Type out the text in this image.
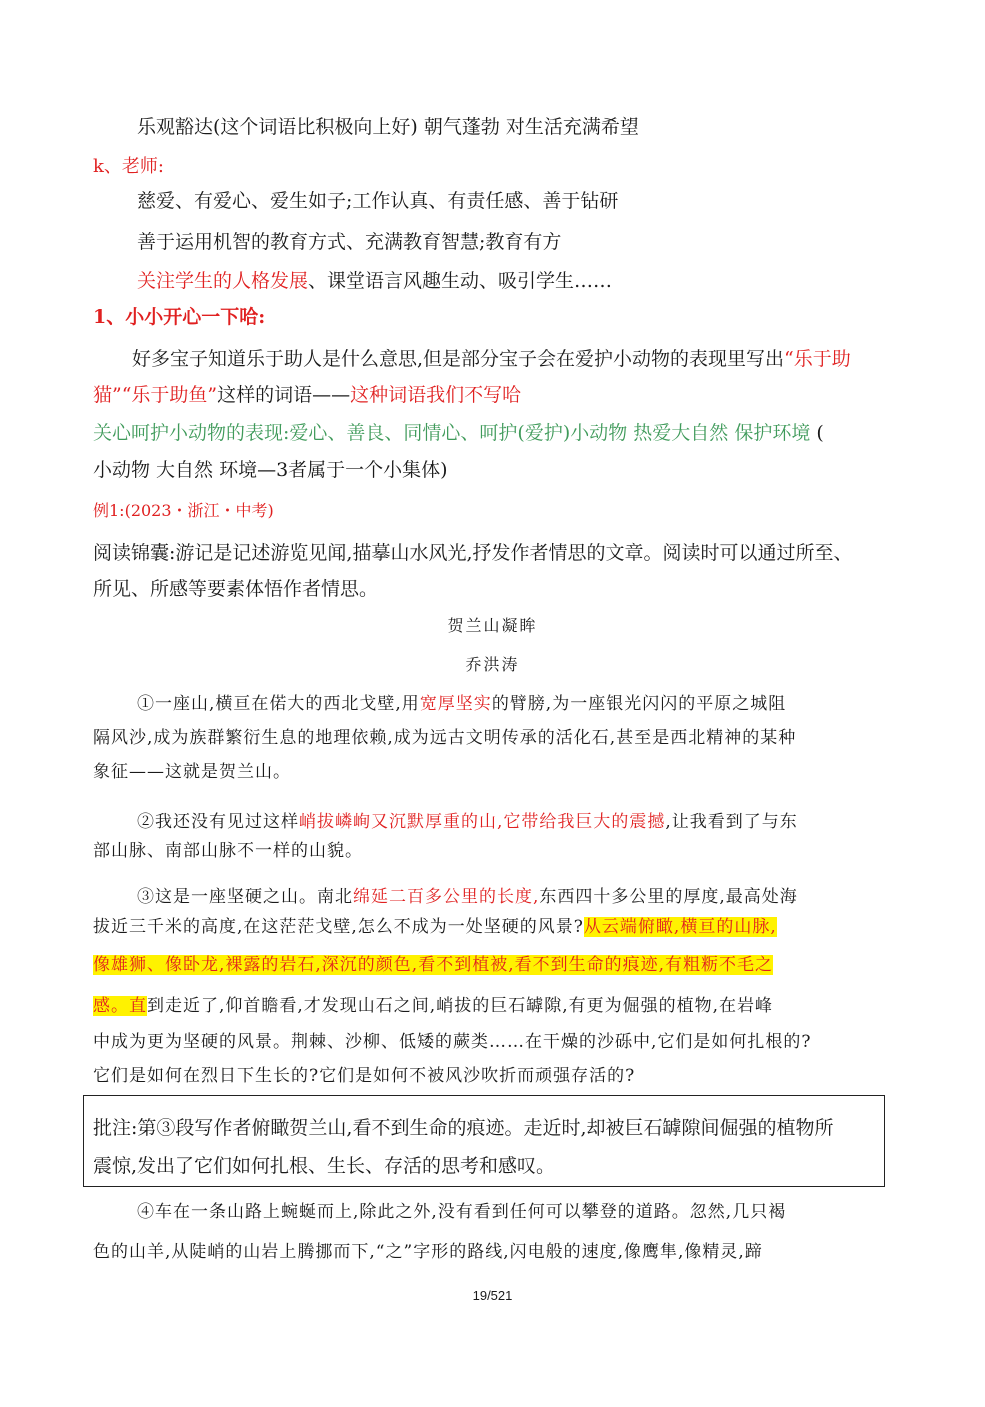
乐观豁达(这个词语比积极向上好) 朝气蓬勃 对生活充满希望
k、老师:
慈爱、有爱心、爱生如子;工作认真、有责任感、善于钻研
善于运用机智的教育方式、充满教育智慧;教育有方
关注学生的人格发展、课堂语言风趣生动、吸引学生……
1、小小开心一下哈:
好多宝子知道乐于助人是什么意思,但是部分宝子会在爱护小动物的表现里写出“乐于助
猫”“乐于助鱼”这样的词语——这种词语我们不写哈
关心呵护小动物的表现:爱心、善良、同情心、呵护(爱护)小动物 热爱大自然 保护环境 (
小动物 大自然 环境—3者属于一个小集体)
例1:(2023・浙江・中考)
阅读锦囊:游记是记述游览见闻,描摹山水风光,抒发作者情思的文章。阅读时可以通过所至、
所见、所感等要素体悟作者情思。
贺兰山凝眸
乔洪涛
①一座山,横亘在偌大的西北戈壁,用宽厚坚实的臂膀,为一座银光闪闪的平原之城阻
隔风沙,成为族群繁衍生息的地理依赖,成为远古文明传承的活化石,甚至是西北精神的某种
象征——这就是贺兰山。
②我还没有见过这样峭拔嶙峋又沉默厚重的山,它带给我巨大的震撼,让我看到了与东
部山脉、南部山脉不一样的山貌。
③这是一座坚硬之山。南北绵延二百多公里的长度,东西四十多公里的厚度,最高处海
拔近三千米的高度,在这茫茫戈壁,怎么不成为一处坚硬的风景?从云端俯瞰,横亘的山脉,
像雄狮、像卧龙,裸露的岩石,深沉的颜色,看不到植被,看不到生命的痕迹,有粗粝不毛之
感。直到走近了,仰首瞻看,才发现山石之间,峭拔的巨石罅隙,有更为倔强的植物,在岩峰
中成为更为坚硬的风景。荆棘、沙柳、低矮的蕨类……在干燥的沙砾中,它们是如何扎根的?
它们是如何在烈日下生长的?它们是如何不被风沙吹折而顽强存活的?
批注:第③段写作者俯瞰贺兰山,看不到生命的痕迹。走近时,却被巨石罅隙间倔强的植物所
震惊,发出了它们如何扎根、生长、存活的思考和感叹。
④车在一条山路上蜿蜒而上,除此之外,没有看到任何可以攀登的道路。忽然,几只褐
色的山羊,从陡峭的山岩上腾挪而下,“之”字形的路线,闪电般的速度,像鹰隼,像精灵,蹄
19/521
